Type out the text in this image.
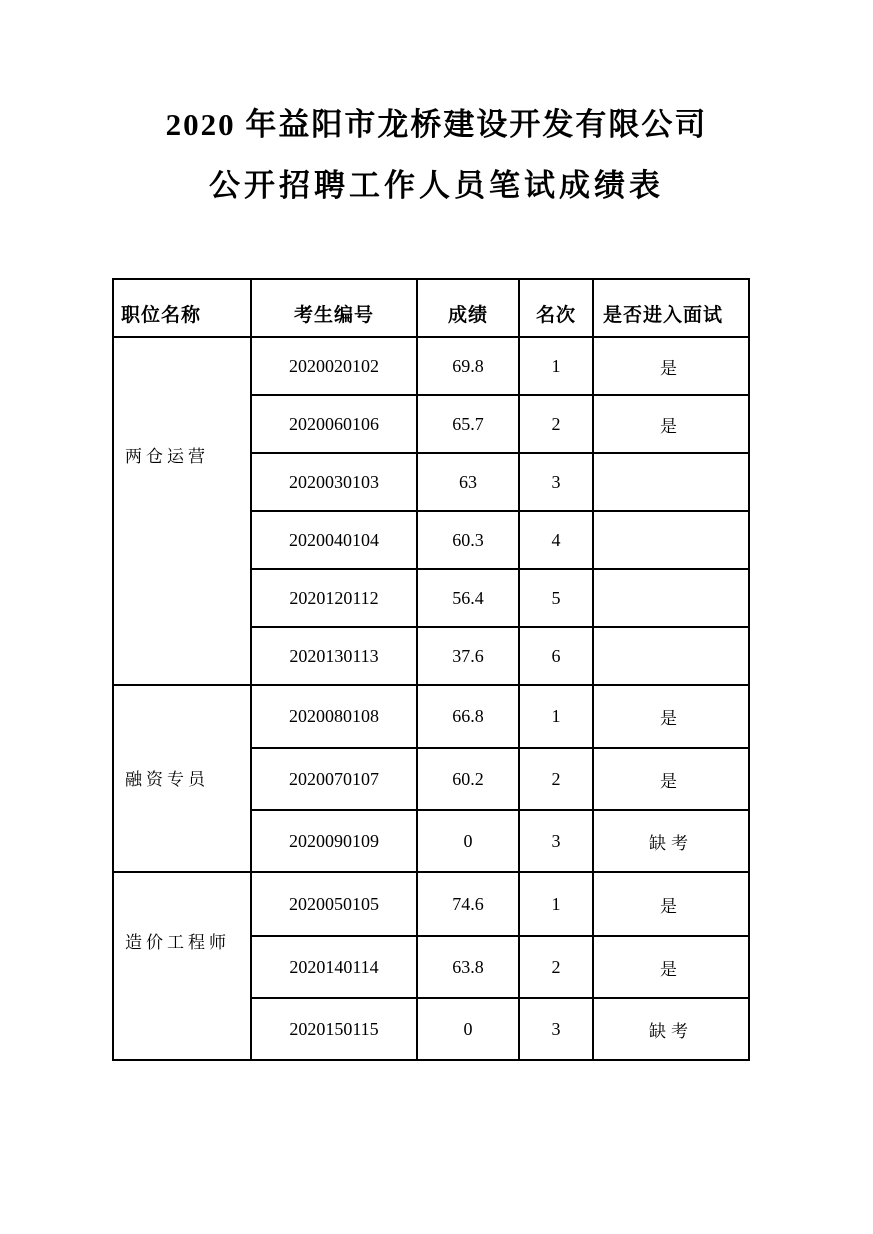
2020 年益阳市龙桥建设开发有限公司
公开招聘工作人员笔试成绩表
职位名称	考生编号	成绩	名次	是否进入面试
两仓运营	2020020102	69.8	1	是
	2020060106	65.7	2	是
	2020030103	63	3	
	2020040104	60.3	4	
	2020120112	56.4	5	
	2020130113	37.6	6	
融资专员	2020080108	66.8	1	是
	2020070107	60.2	2	是
	2020090109	0	3	缺考
造价工程师	2020050105	74.6	1	是
	2020140114	63.8	2	是
	2020150115	0	3	缺考
